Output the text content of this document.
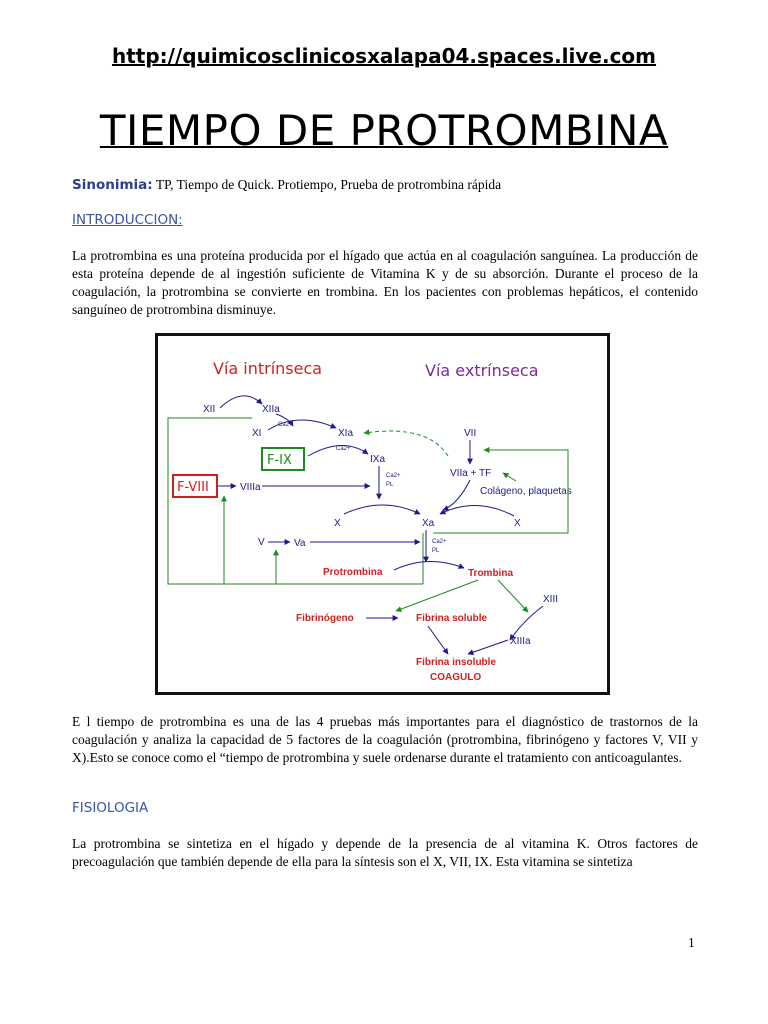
http://quimicosclinicosxalapa04.spaces.live.com
TIEMPO DE PROTROMBINA
Sinonimia: TP, Tiempo de Quick. Protiempo, Prueba de protrombina rápida
INTRODUCCION:

La protrombina es una proteína producida por el hígado que actúa en al coagulación sanguínea. La producción de esta proteína depende de al ingestión suficiente de Vitamina K y de su absorción. Durante el proceso de la coagulación, la protrombina se convierte en trombina. En los pacientes con problemas hepáticos, el contenido sanguíneo de protrombina disminuye.

Vía intrínseca	Vía extrínseca
XII	XIIa
XI
Ca2+
XIa
F-IX
Ca2+
IXa
F-VIII	VIIIa
Ca2+
PL
X	Xa	X
VII
VIIa + TF
Colágeno, plaquetas
V	Va	Ca2+
PL
Protrombina	Trombina
XIII
XIIIa
Fibrinógeno	Fibrina soluble
Fibrina insoluble
COAGULO

E l tiempo de protrombina es una de las 4 pruebas más importantes para el diagnóstico de trastornos de la coagulación y analiza la capacidad de 5 factores de la coagulación (protrombina, fibrinógeno y factores V, VII y X).Esto se conoce como el “tiempo de protrombina y suele ordenarse durante el tratamiento con anticoagulantes.

FISIOLOGIA

La protrombina se sintetiza en el hígado y depende de la presencia de al vitamina K. Otros factores de precoagulación que también depende de ella para la síntesis son el X, VII, IX. Esta vitamina se sintetiza

1
